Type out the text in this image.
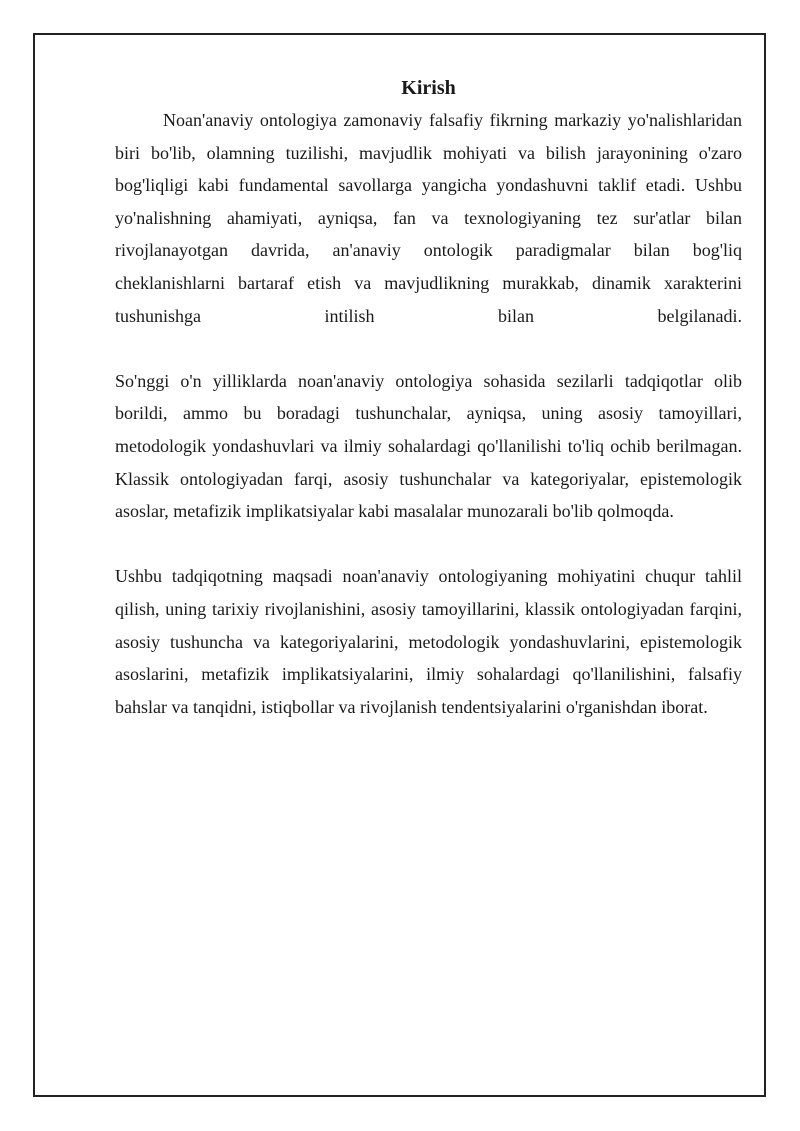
Kirish

Noan'anaviy ontologiya zamonaviy falsafiy fikrning markaziy yo'nalishlaridan biri bo'lib, olamning tuzilishi, mavjudlik mohiyati va bilish jarayonining o'zaro bog'liqligi kabi fundamental savollarga yangicha yondashuvni taklif etadi. Ushbu yo'nalishning ahamiyati, ayniqsa, fan va texnologiyaning tez sur'atlar bilan rivojlanayotgan davrida, an'anaviy ontologik paradigmalar bilan bog'liq cheklanishlarni bartaraf etish va mavjudlikning murakkab, dinamik xarakterini tushunishga intilish bilan belgilanadi.

So'nggi o'n yilliklarda noan'anaviy ontologiya sohasida sezilarli tadqiqotlar olib borildi, ammo bu boradagi tushunchalar, ayniqsa, uning asosiy tamoyillari, metodologik yondashuvlari va ilmiy sohalardagi qo'llanilishi to'liq ochib berilmagan. Klassik ontologiyadan farqi, asosiy tushunchalar va kategoriyalar, epistemologik asoslar, metafizik implikatsiyalar kabi masalalar munozarali bo'lib qolmoqda.

Ushbu tadqiqotning maqsadi noan'anaviy ontologiyaning mohiyatini chuqur tahlil qilish, uning tarixiy rivojlanishini, asosiy tamoyillarini, klassik ontologiyadan farqini, asosiy tushuncha va kategoriyalarini, metodologik yondashuvlarini, epistemologik asoslarini, metafizik implikatsiyalarini, ilmiy sohalardagi qo'llanilishini, falsafiy bahslar va tanqidni, istiqbollar va rivojlanish tendentsiyalarini o'rganishdan iborat.
